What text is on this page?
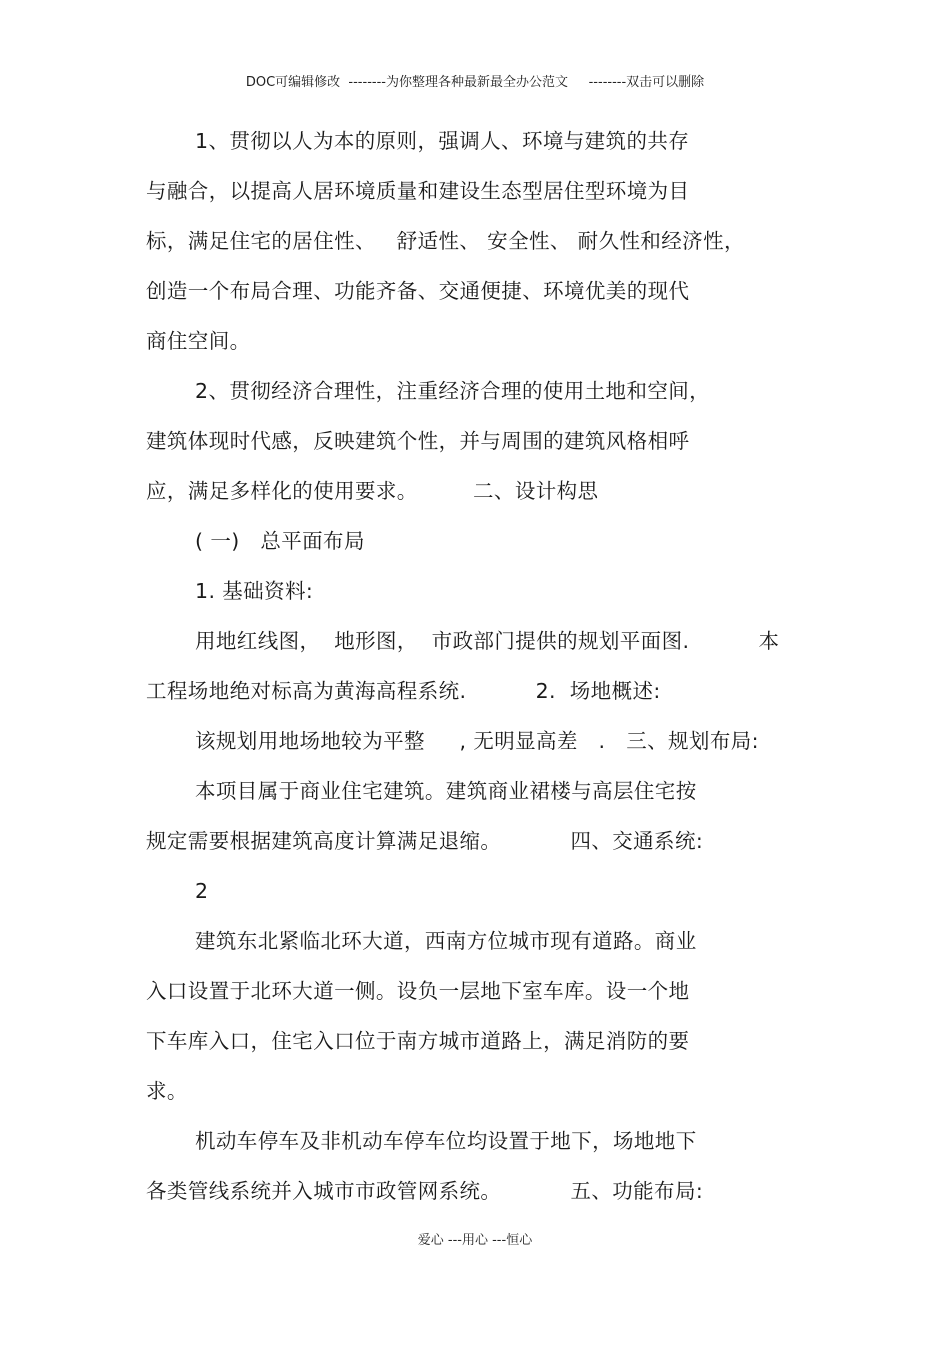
DOC可编辑修改  --------为你整理各种最新最全办公范文     --------双击可以删除
1、贯彻以人为本的原则，强调人、环境与建筑的共存
与融合，以提高人居环境质量和建设生态型居住型环境为目
标，满足住宅的居住性、   舒适性、 安全性、 耐久性和经济性，
创造一个布局合理、功能齐备、交通便捷、环境优美的现代
商住空间。
2、贯彻经济合理性，注重经济合理的使用土地和空间，
建筑体现时代感，反映建筑个性，并与周围的建筑风格相呼
应，满足多样化的使用要求。        二、设计构思
( 一)   总平面布局
1. 基础资料:
用地红线图，  地形图，  市政部门提供的规划平面图.          本
工程场地绝对标高为黄海高程系统.          2.  场地概述:
该规划用地场地较为平整     , 无明显高差   .   三、规划布局:
本项目属于商业住宅建筑。建筑商业裙楼与高层住宅按
规定需要根据建筑高度计算满足退缩。          四、交通系统:
2
建筑东北紧临北环大道，西南方位城市现有道路。商业
入口设置于北环大道一侧。设负一层地下室车库。设一个地
下车库入口，住宅入口位于南方城市道路上，满足消防的要
求。
机动车停车及非机动车停车位均设置于地下，场地地下
各类管线系统并入城市市政管网系统。          五、功能布局:
爱心 ---用心 ---恒心
